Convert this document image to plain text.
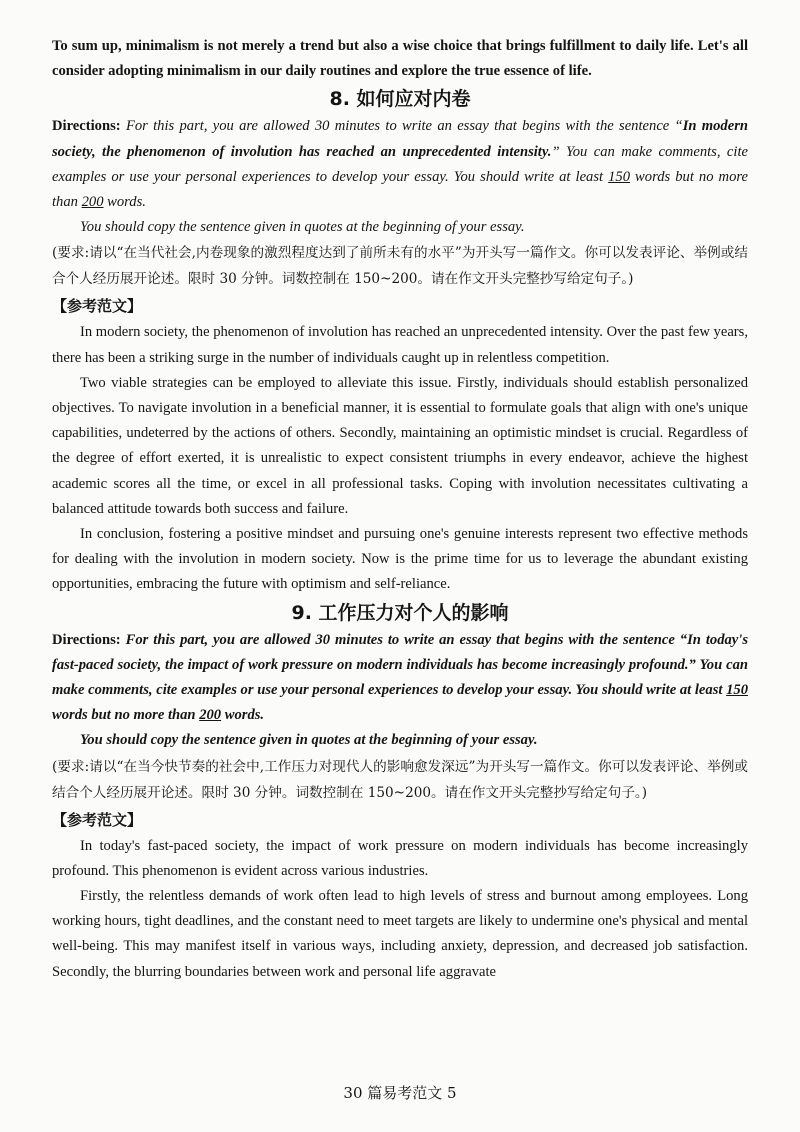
To sum up, minimalism is not merely a trend but also a wise choice that brings fulfillment to daily life. Let's all consider adopting minimalism in our daily routines and explore the true essence of life.

8. 如何应对内卷

Directions: For this part, you are allowed 30 minutes to write an essay that begins with the sentence “In modern society, the phenomenon of involution has reached an unprecedented intensity.” You can make comments, cite examples or use your personal experiences to develop your essay. You should write at least 150 words but no more than 200 words.

You should copy the sentence given in quotes at the beginning of your essay.

(要求:请以“在当代社会,内卷现象的激烈程度达到了前所未有的水平”为开头写一篇作文。你可以发表评论、举例或结合个人经历展开论述。限时 30 分钟。词数控制在 150~200。请在作文开头完整抄写给定句子。)

【参考范文】

In modern society, the phenomenon of involution has reached an unprecedented intensity. Over the past few years, there has been a striking surge in the number of individuals caught up in relentless competition.

Two viable strategies can be employed to alleviate this issue. Firstly, individuals should establish personalized objectives. To navigate involution in a beneficial manner, it is essential to formulate goals that align with one's unique capabilities, undeterred by the actions of others. Secondly, maintaining an optimistic mindset is crucial. Regardless of the degree of effort exerted, it is unrealistic to expect consistent triumphs in every endeavor, achieve the highest academic scores all the time, or excel in all professional tasks. Coping with involution necessitates cultivating a balanced attitude towards both success and failure.

In conclusion, fostering a positive mindset and pursuing one's genuine interests represent two effective methods for dealing with the involution in modern society. Now is the prime time for us to leverage the abundant existing opportunities, embracing the future with optimism and self-reliance.

9. 工作压力对个人的影响

Directions: For this part, you are allowed 30 minutes to write an essay that begins with the sentence “In today's fast-paced society, the impact of work pressure on modern individuals has become increasingly profound.” You can make comments, cite examples or use your personal experiences to develop your essay. You should write at least 150 words but no more than 200 words.

You should copy the sentence given in quotes at the beginning of your essay.

(要求:请以“在当今快节奏的社会中,工作压力对现代人的影响愈发深远”为开头写一篇作文。你可以发表评论、举例或结合个人经历展开论述。限时 30 分钟。词数控制在 150~200。请在作文开头完整抄写给定句子。)

【参考范文】

In today's fast-paced society, the impact of work pressure on modern individuals has become increasingly profound. This phenomenon is evident across various industries.

Firstly, the relentless demands of work often lead to high levels of stress and burnout among employees. Long working hours, tight deadlines, and the constant need to meet targets are likely to undermine one's physical and mental well-being. This may manifest itself in various ways, including anxiety, depression, and decreased job satisfaction. Secondly, the blurring boundaries between work and personal life aggravate

30 篇易考范文 5
